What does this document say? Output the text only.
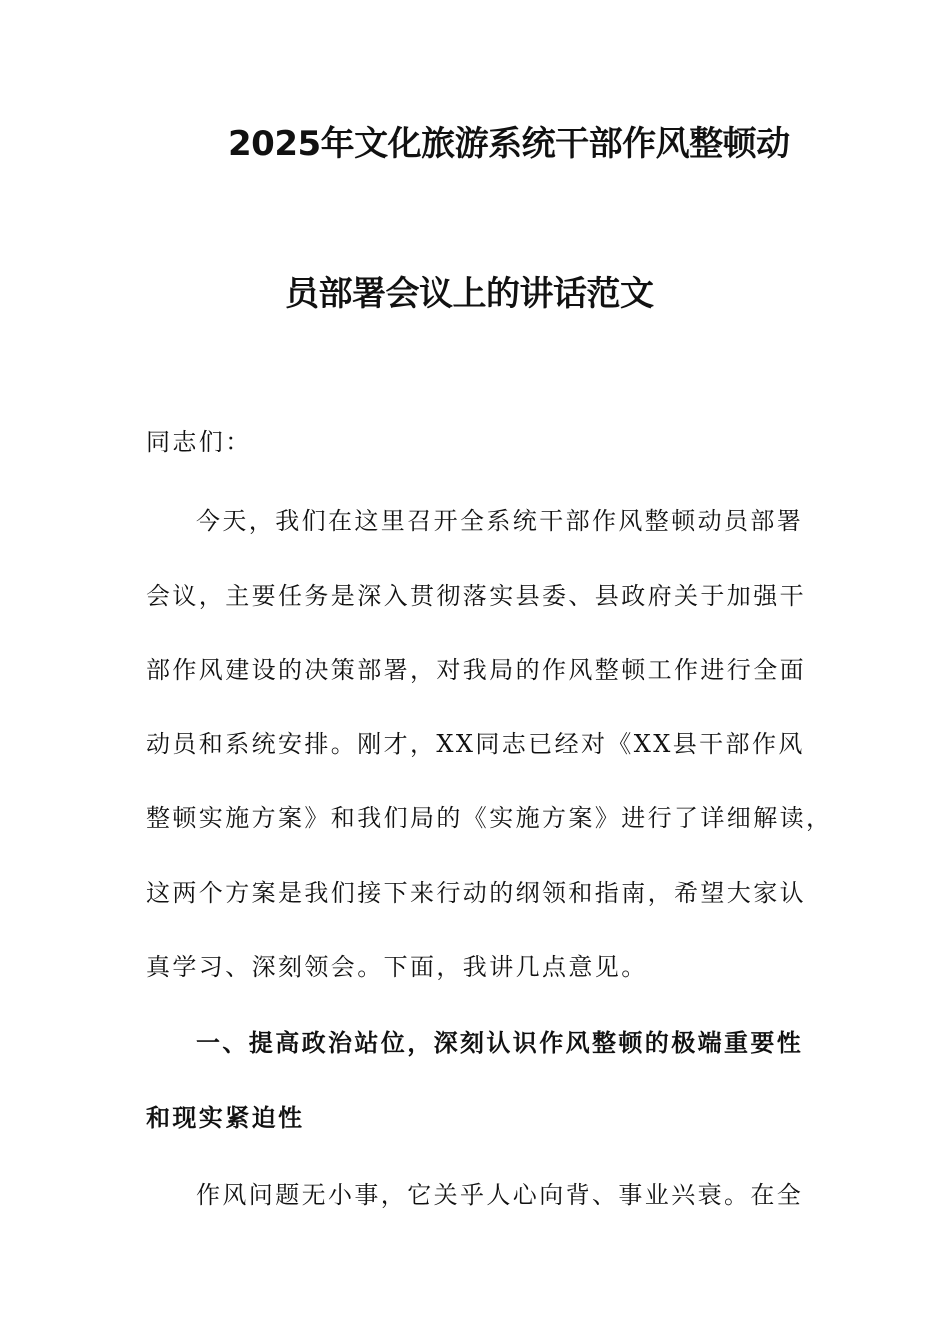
2025年文化旅游系统干部作风整顿动
员部署会议上的讲话范文
同志们：
今天，我们在这里召开全系统干部作风整顿动员部署
会议，主要任务是深入贯彻落实县委、县政府关于加强干
部作风建设的决策部署，对我局的作风整顿工作进行全面
动员和系统安排。刚才，XX同志已经对《XX县干部作风
整顿实施方案》和我们局的《实施方案》进行了详细解读，
这两个方案是我们接下来行动的纲领和指南，希望大家认
真学习、深刻领会。下面，我讲几点意见。
一、提高政治站位，深刻认识作风整顿的极端重要性
和现实紧迫性
作风问题无小事，它关乎人心向背、事业兴衰。在全
